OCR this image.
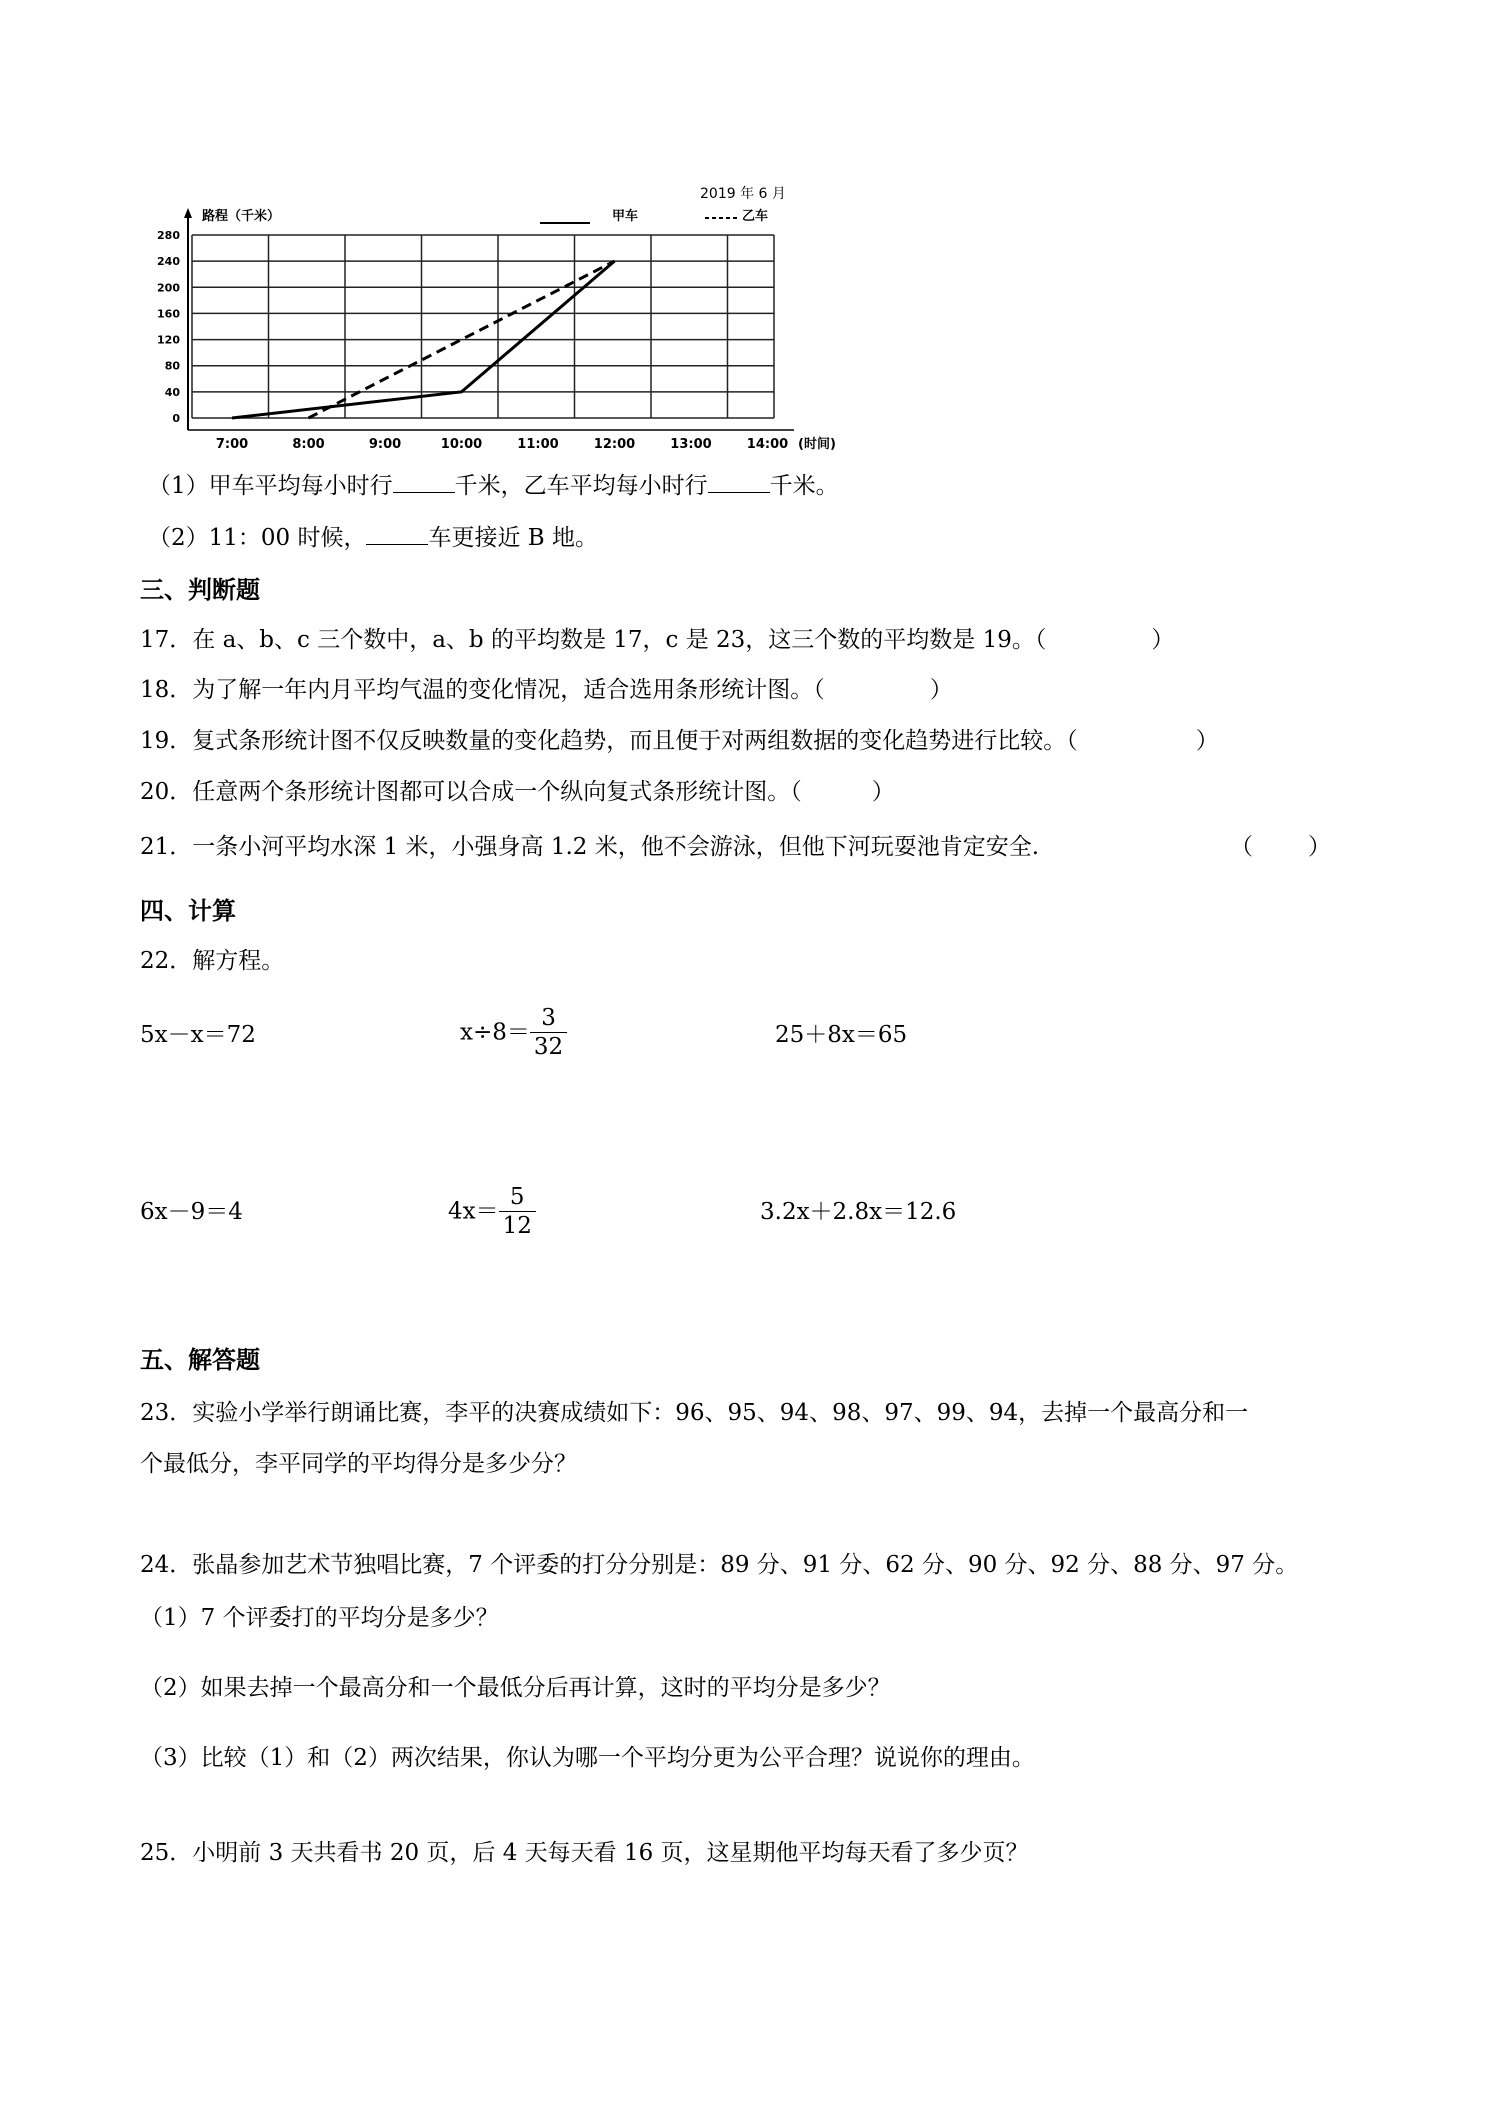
0
40
80
120
160
200
240
280
7:00	8:00	9:00	10:00	11:00	12:00	13:00	14:00 (时间)
路程（千米）
2019 年 6 月
甲车	乙车
（1）甲车平均每小时行	千米，乙车平均每小时行	千米。
（2）11：00 时候，	车更接近 B 地。
三、判断题
17．在 a、b、c 三个数中，a、b 的平均数是 17，c 是 23，这三个数的平均数是 19。（	）
18．为了解一年内月平均气温的变化情况，适合选用条形统计图。（	）
19．复式条形统计图不仅反映数量的变化趋势，而且便于对两组数据的变化趋势进行比较。（	）
20．任意两个条形统计图都可以合成一个纵向复式条形统计图。（	）
21．一条小河平均水深 1 米，小强身高 1.2 米，他不会游泳，但他下河玩耍池肯定安全.	（ ）
四、计算
22．解方程。
5x－x＝72	$x\div 8= \frac{3}{32}$	25＋8x＝65
6x－9＝4	$4x= \frac{5}{12}$	3.2x＋2.8x＝12.6
五、解答题
23．实验小学举行朗诵比赛，李平的决赛成绩如下：96、95、94、98、97、99、94，去掉一个最高分和一
个最低分，李平同学的平均得分是多少分？
24．张晶参加艺术节独唱比赛，7 个评委的打分分别是：89 分、91 分、62 分、90 分、92 分、88 分、97 分。
（1）7 个评委打的平均分是多少？
（2）如果去掉一个最高分和一个最低分后再计算，这时的平均分是多少？
（3）比较（1）和（2）两次结果，你认为哪一个平均分更为公平合理？说说你的理由。
25．小明前 3 天共看书 20 页，后 4 天每天看 16 页，这星期他平均每天看了多少页？
